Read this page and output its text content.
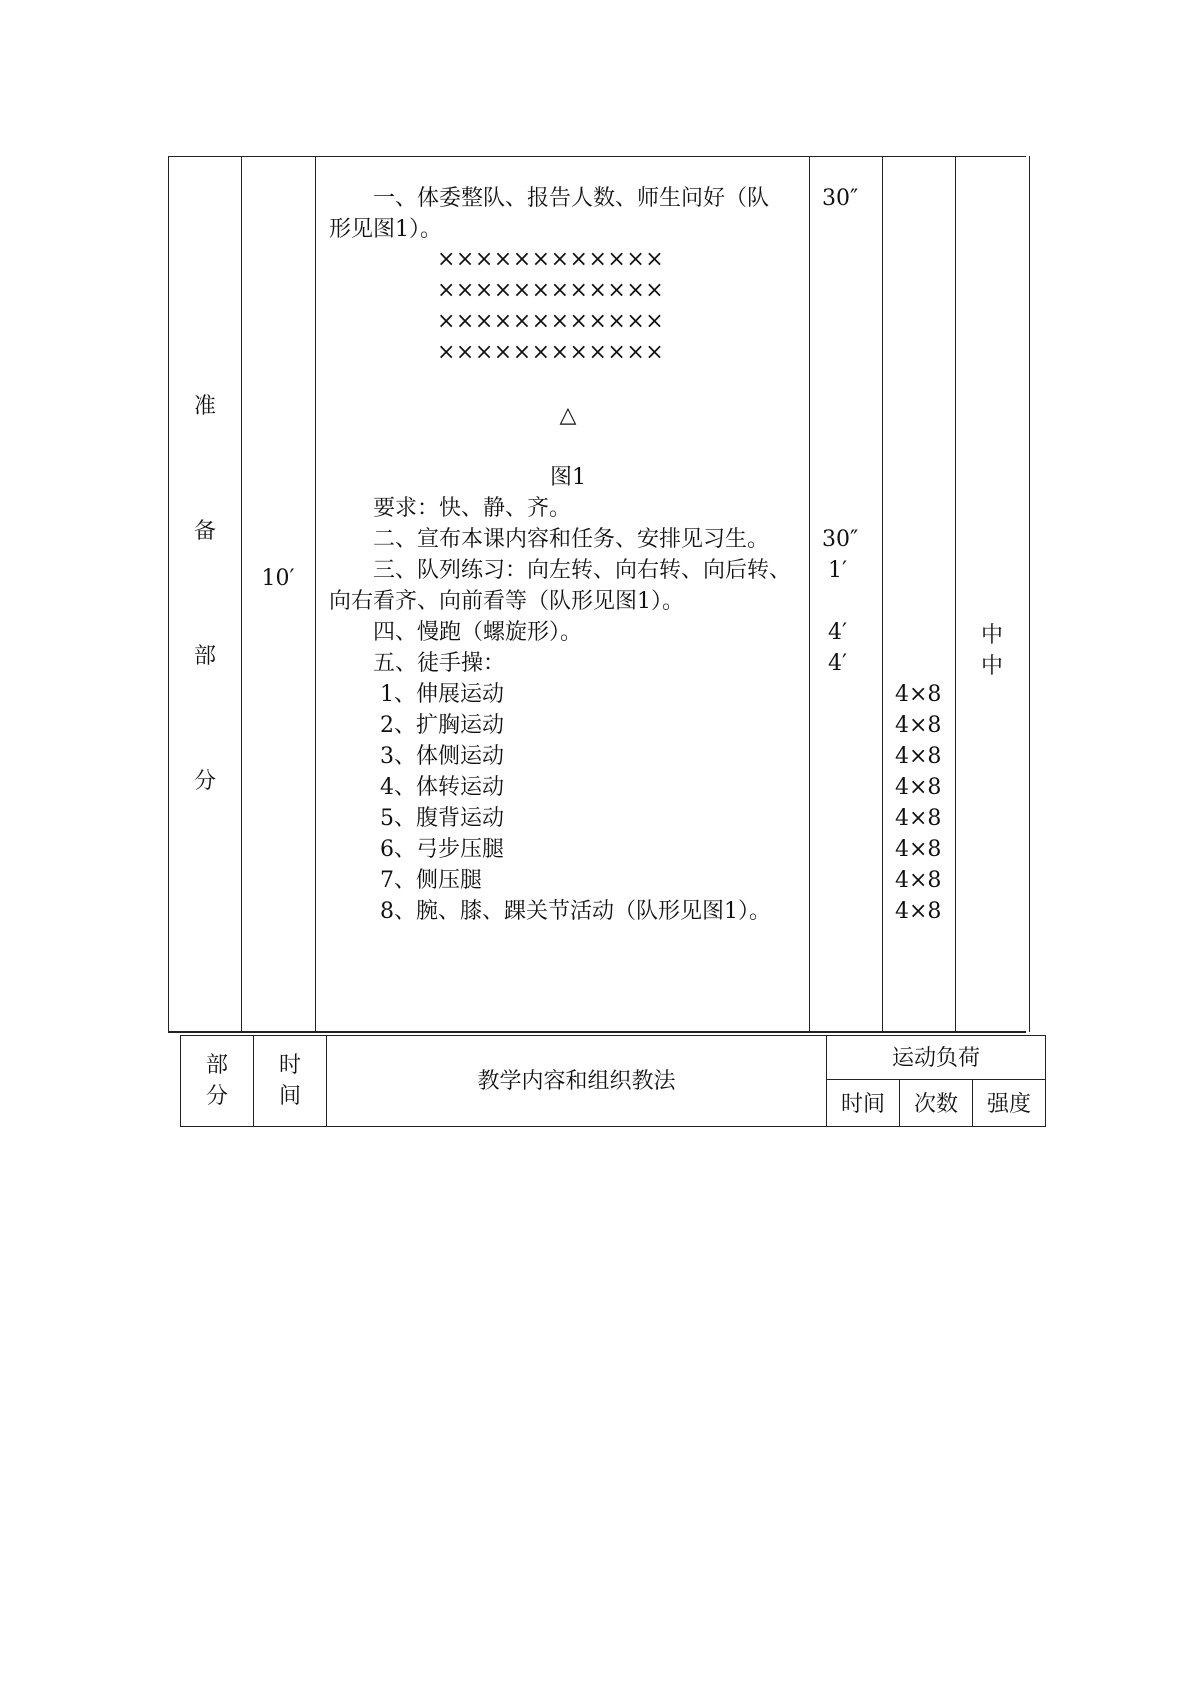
准
备
部
分
10′
　　一、体委整队、报告人数、师生问好（队
形见图1）。
××××××××××××
××××××××××××
××××××××××××
××××××××××××
△
图1
　　要求：快、静、齐。
　　二、宣布本课内容和任务、安排见习生。
　　三、队列练习：向左转、向右转、向后转、
向右看齐、向前看等（队形见图1）。
　　四、慢跑（螺旋形）。
　　五、徒手操：
　　 1、伸展运动
　　 2、扩胸运动
　　 3、体侧运动
　　 4、体转运动
　　 5、腹背运动
　　 6、弓步压腿
　　 7、侧压腿
　　 8、腕、膝、踝关节活动（队形见图1）。
30″
30″
1′
4′
4′
4×8
4×8
4×8
4×8
4×8
4×8
4×8
4×8
中
中
部
分
时
间
教学内容和组织教法
运动负荷
时间	次数	强度
